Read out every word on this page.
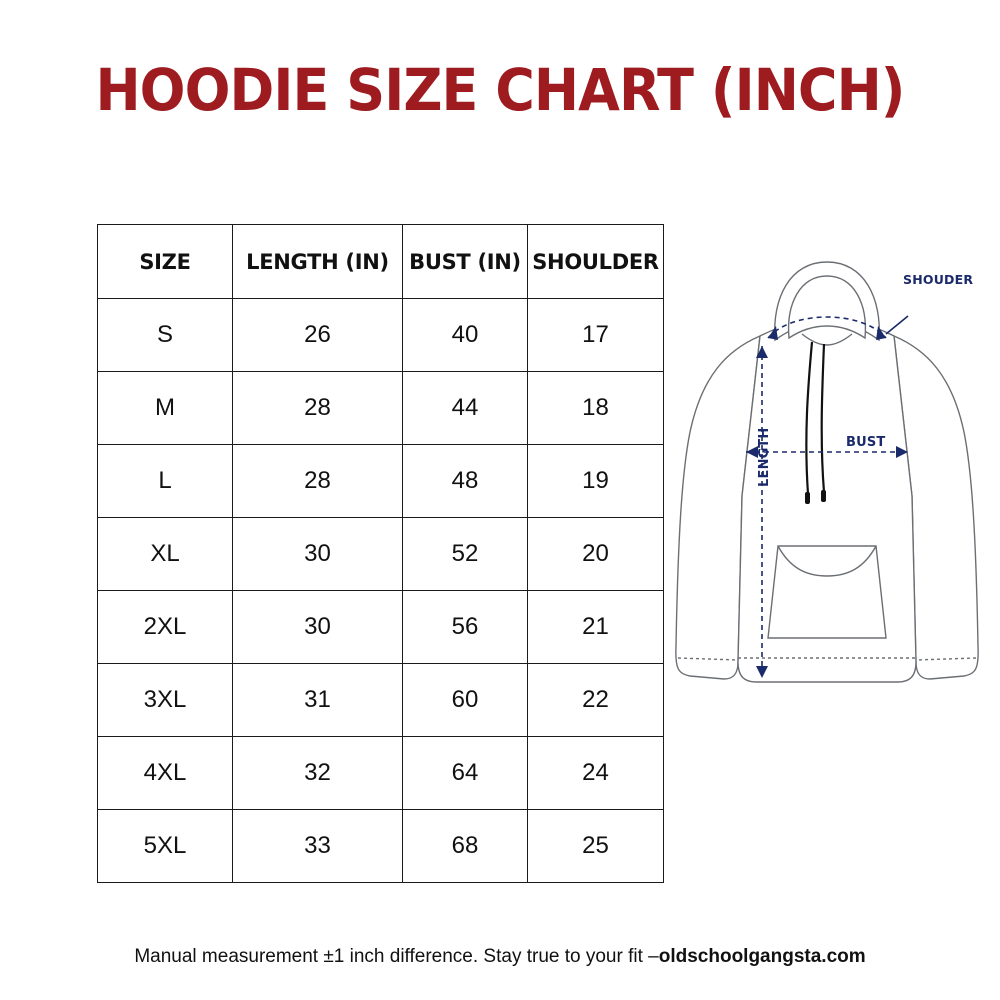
HOODIE SIZE CHART (INCH)
SIZE	LENGTH (IN)	BUST (IN)	SHOULDER
S	26	40	17
M	28	44	18
L	28	48	19
XL	30	52	20
2XL	30	56	21
3XL	31	60	22
4XL	32	64	24
5XL	33	68	25
SHOUDER
BUST
LENGTH
Manual measurement ±1 inch difference. Stay true to your fit –oldschoolgangsta.com
